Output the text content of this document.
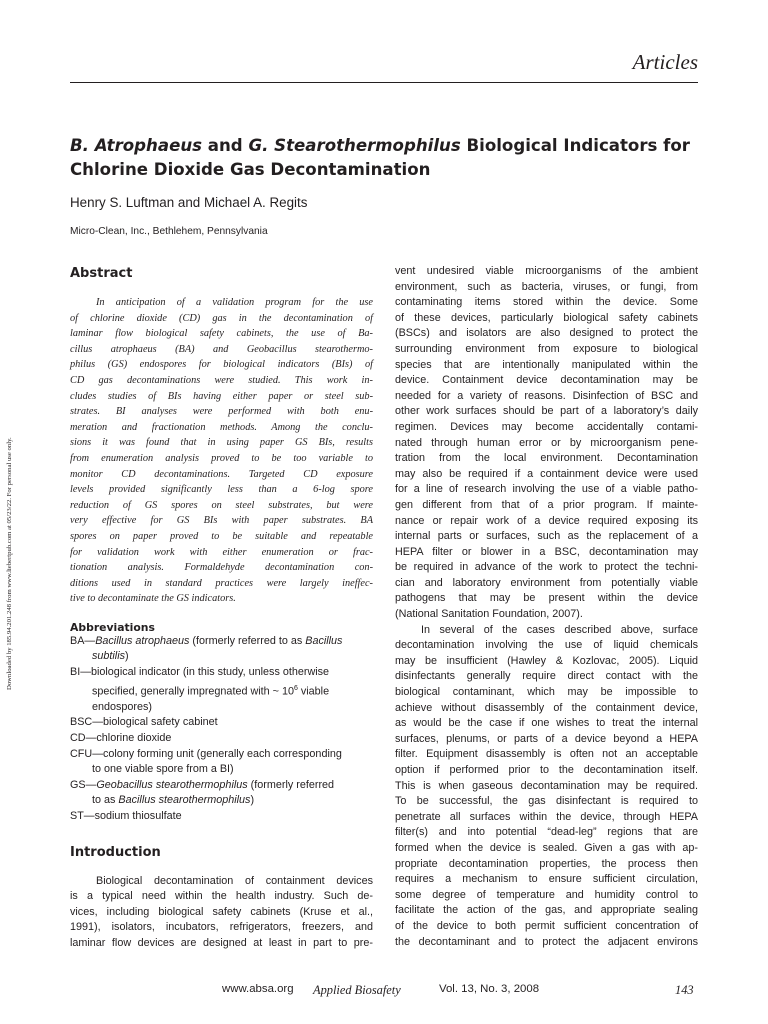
Articles
B. Atrophaeus and G. Stearothermophilus Biological Indicators for
Chlorine Dioxide Gas Decontamination
Henry S. Luftman and Michael A. Regits
Micro-Clean, Inc., Bethlehem, Pennsylvania
Downloaded by 185.94.201.248 from www.liebertpub.com at 05/23/22. For personal use only.
Abstract
In anticipation of a validation program for the use
of chlorine dioxide (CD) gas in the decontamination of
laminar flow biological safety cabinets, the use of Ba-
cillus atrophaeus (BA) and Geobacillus stearothermo-
philus (GS) endospores for biological indicators (BIs) of
CD gas decontaminations were studied. This work in-
cludes studies of BIs having either paper or steel sub-
strates. BI analyses were performed with both enu-
meration and fractionation methods. Among the conclu-
sions it was found that in using paper GS BIs, results
from enumeration analysis proved to be too variable to
monitor CD decontaminations. Targeted CD exposure
levels provided significantly less than a 6-log spore
reduction of GS spores on steel substrates, but were
very effective for GS BIs with paper substrates. BA
spores on paper proved to be suitable and repeatable
for validation work with either enumeration or frac-
tionation analysis. Formaldehyde decontamination con-
ditions used in standard practices were largely ineffec-
tive to decontaminate the GS indicators.
Abbreviations
BA—Bacillus atrophaeus (formerly referred to as Bacillus
subtilis)
BI—biological indicator (in this study, unless otherwise
specified, generally impregnated with ~ $10^6$ viable
endospores)
BSC—biological safety cabinet
CD—chlorine dioxide
CFU—colony forming unit (generally each corresponding
to one viable spore from a BI)
GS—Geobacillus stearothermophilus (formerly referred
to as Bacillus stearothermophilus)
ST—sodium thiosulfate
Introduction
Biological decontamination of containment devices
is a typical need within the health industry. Such de-
vices, including biological safety cabinets (Kruse et al.,
1991), isolators, incubators, refrigerators, freezers, and
laminar flow devices are designed at least in part to pre-
vent undesired viable microorganisms of the ambient
environment, such as bacteria, viruses, or fungi, from
contaminating items stored within the device. Some
of these devices, particularly biological safety cabinets
(BSCs) and isolators are also designed to protect the
surrounding environment from exposure to biological
species that are intentionally manipulated within the
device. Containment device decontamination may be
needed for a variety of reasons. Disinfection of BSC and
other work surfaces should be part of a laboratory’s daily
regimen. Devices may become accidentally contami-
nated through human error or by microorganism pene-
tration from the local environment. Decontamination
may also be required if a containment device were used
for a line of research involving the use of a viable patho-
gen different from that of a prior program. If mainte-
nance or repair work of a device required exposing its
internal parts or surfaces, such as the replacement of a
HEPA filter or blower in a BSC, decontamination may
be required in advance of the work to protect the techni-
cian and laboratory environment from potentially viable
pathogens that may be present within the device
(National Sanitation Foundation, 2007).
In several of the cases described above, surface
decontamination involving the use of liquid chemicals
may be insufficient (Hawley & Kozlovac, 2005). Liquid
disinfectants generally require direct contact with the
biological contaminant, which may be impossible to
achieve without disassembly of the containment device,
as would be the case if one wishes to treat the internal
surfaces, plenums, or parts of a device beyond a HEPA
filter. Equipment disassembly is often not an acceptable
option if performed prior to the decontamination itself.
This is when gaseous decontamination may be required.
To be successful, the gas disinfectant is required to
penetrate all surfaces within the device, through HEPA
filter(s) and into potential “dead-leg” regions that are
formed when the device is sealed. Given a gas with ap-
propriate decontamination properties, the process then
requires a mechanism to ensure sufficient circulation,
some degree of temperature and humidity control to
facilitate the action of the gas, and appropriate sealing
of the device to both permit sufficient concentration of
the decontaminant and to protect the adjacent environs
www.absa.org Applied Biosafety	Vol. 13, No. 3, 2008	143
